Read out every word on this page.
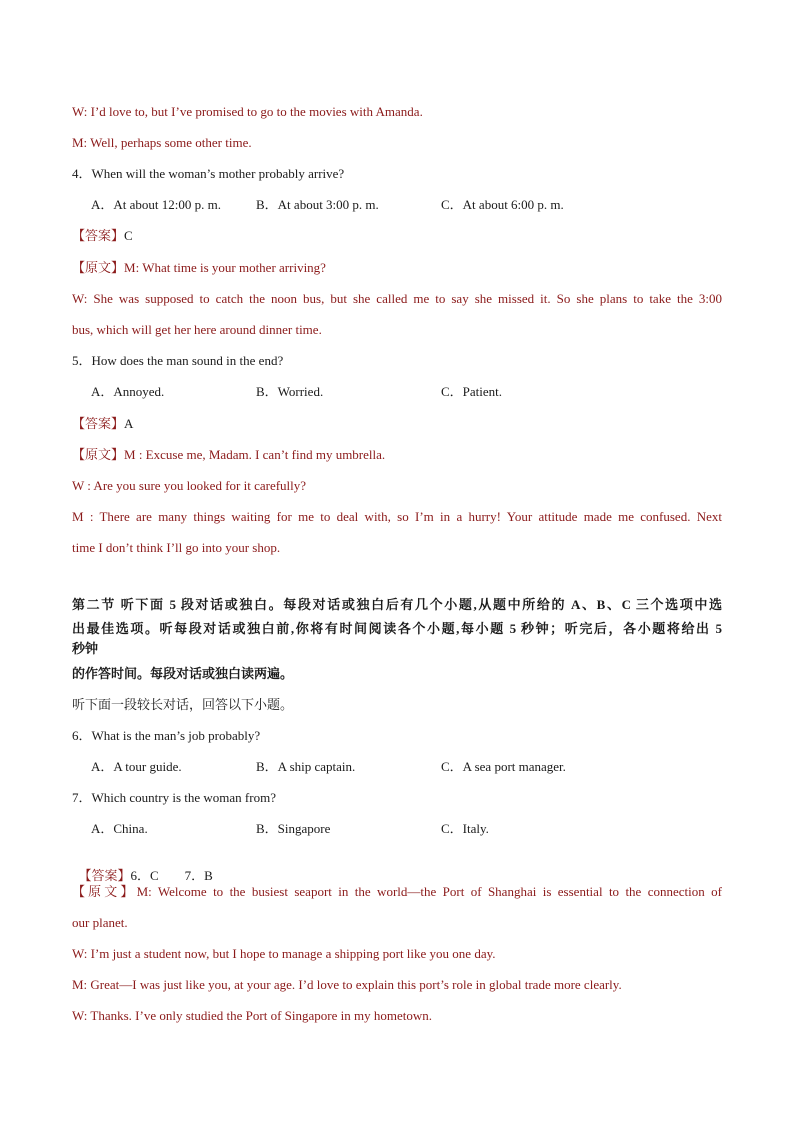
W: I’d love to, but I’ve promised to go to the movies with Amanda.
M: Well, perhaps some other time.
4．When will the woman’s mother probably arrive?
A．At about 12:00 p. m.	B．At about 3:00 p. m.	C．At about 6:00 p. m.
【答案】C
【原文】M: What time is your mother arriving?
W: She was supposed to catch the noon bus, but she called me to say she missed it. So she plans to take the 3:00
bus, which will get her here around dinner time.
5．How does the man sound in the end?
A．Annoyed.	B．Worried.	C．Patient.
【答案】A
【原文】M : Excuse me, Madam. I can’t find my umbrella.
W : Are you sure you looked for it carefully?
M : There are many things waiting for me to deal with, so I’m in a hurry! Your attitude made me confused. Next
time I don’t think I’ll go into your shop.
第二节 听下面 5 段对话或独白。每段对话或独白后有几个小题,从题中所给的 A、B、C 三个选项中选
出最佳选项。听每段对话或独白前,你将有时间阅读各个小题,每小题 5 秒钟；听完后，各小题将给出 5
秒钟
的作答时间。每段对话或独白读两遍。
听下面一段较长对话，回答以下小题。
6．What is the man’s job probably?
A．A tour guide.	B．A ship captain.	C．A sea port manager.
7．Which country is the woman from?
A．China.	B．Singapore	C．Italy.

【答案】6．C        7．B

【原文】M: Welcome to the busiest seaport in the world—the Port of Shanghai is essential to the connection of
our planet.
W: I’m just a student now, but I hope to manage a shipping port like you one day.
M: Great—I was just like you, at your age. I’d love to explain this port’s role in global trade more clearly.
W: Thanks. I’ve only studied the Port of Singapore in my hometown.
